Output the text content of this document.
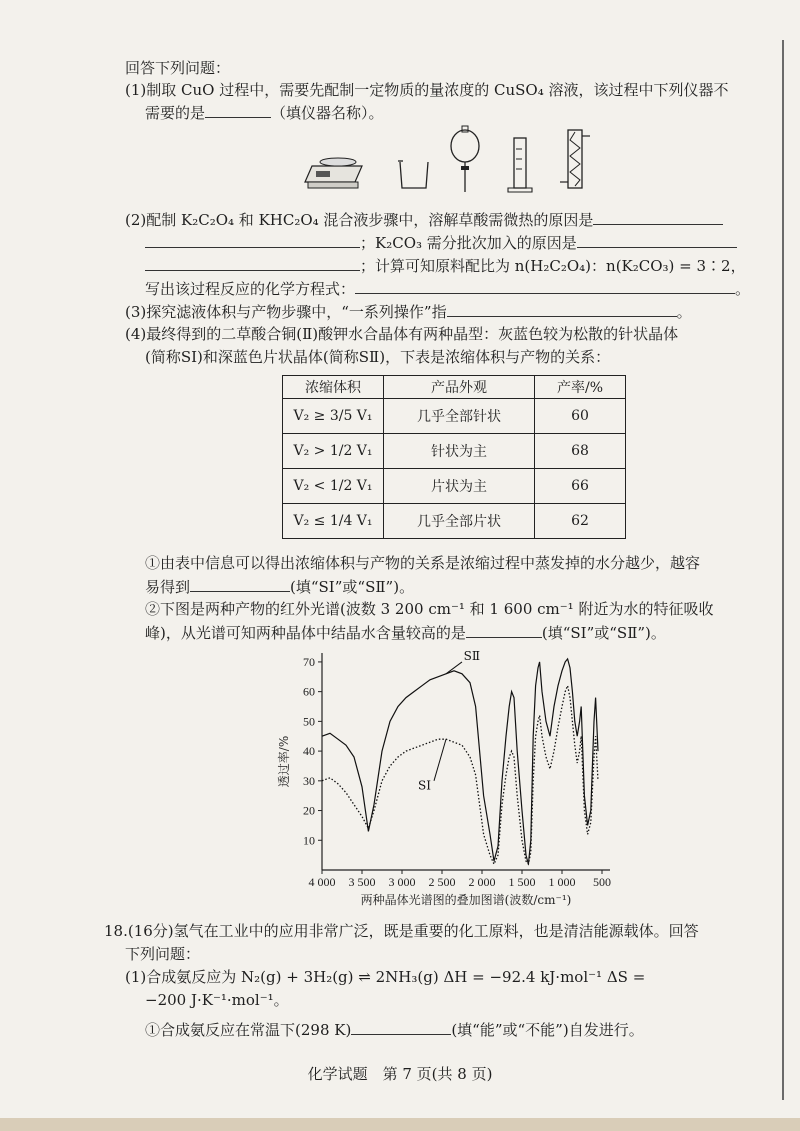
回答下列问题：
(1)制取 CuO 过程中，需要先配制一定物质的量浓度的 CuSO₄ 溶液，该过程中下列仪器不
需要的是	（填仪器名称）。
(2)配制 K₂C₂O₄ 和 KHC₂O₄ 混合液步骤中，溶解草酸需微热的原因是
；K₂CO₃ 需分批次加入的原因是
；计算可知原料配比为 n(H₂C₂O₄)：n(K₂CO₃) = 3∶2，
写出该过程反应的化学方程式：	。
(3)探究滤液体积与产物步骤中，“一系列操作”指	。
(4)最终得到的二草酸合铜(Ⅱ)酸钾水合晶体有两种晶型：灰蓝色较为松散的针状晶体
(简称SⅠ)和深蓝色片状晶体(简称SⅡ)，下表是浓缩体积与产物的关系：
浓缩体积	产品外观	产率/%
V₂ ≥ 3/5 V₁	几乎全部针状	60
V₂ > 1/2 V₁	针状为主	68
V₂ < 1/2 V₁	片状为主	66
V₂ ≤ 1/4 V₁	几乎全部片状	62
①由表中信息可以得出浓缩体积与产物的关系是浓缩过程中蒸发掉的水分越少，越容
易得到	(填“SⅠ”或“SⅡ”)。
②下图是两种产物的红外光谱(波数 3 200 cm⁻¹ 和 1 600 cm⁻¹ 附近为水的特征吸收
峰)，从光谱可知两种晶体中结晶水含量较高的是	(填“SⅠ”或“SⅡ”)。
4 000 3 500 3 000 2 500 2 000 1 500 1 000 500
10
20
30
40
50
60
70
透过率/%
两种晶体光谱图的叠加图谱(波数/cm⁻¹)
SⅡ
SⅠ
18.(16分)氢气在工业中的应用非常广泛，既是重要的化工原料，也是清洁能源载体。回答
下列问题：
(1)合成氨反应为 N₂(g) + 3H₂(g) ⇌ 2NH₃(g) ΔH = −92.4 kJ·mol⁻¹ ΔS =
−200 J·K⁻¹·mol⁻¹。
①合成氨反应在常温下(298 K)	(填“能”或“不能”)自发进行。
化学试题　第 7 页(共 8 页)
